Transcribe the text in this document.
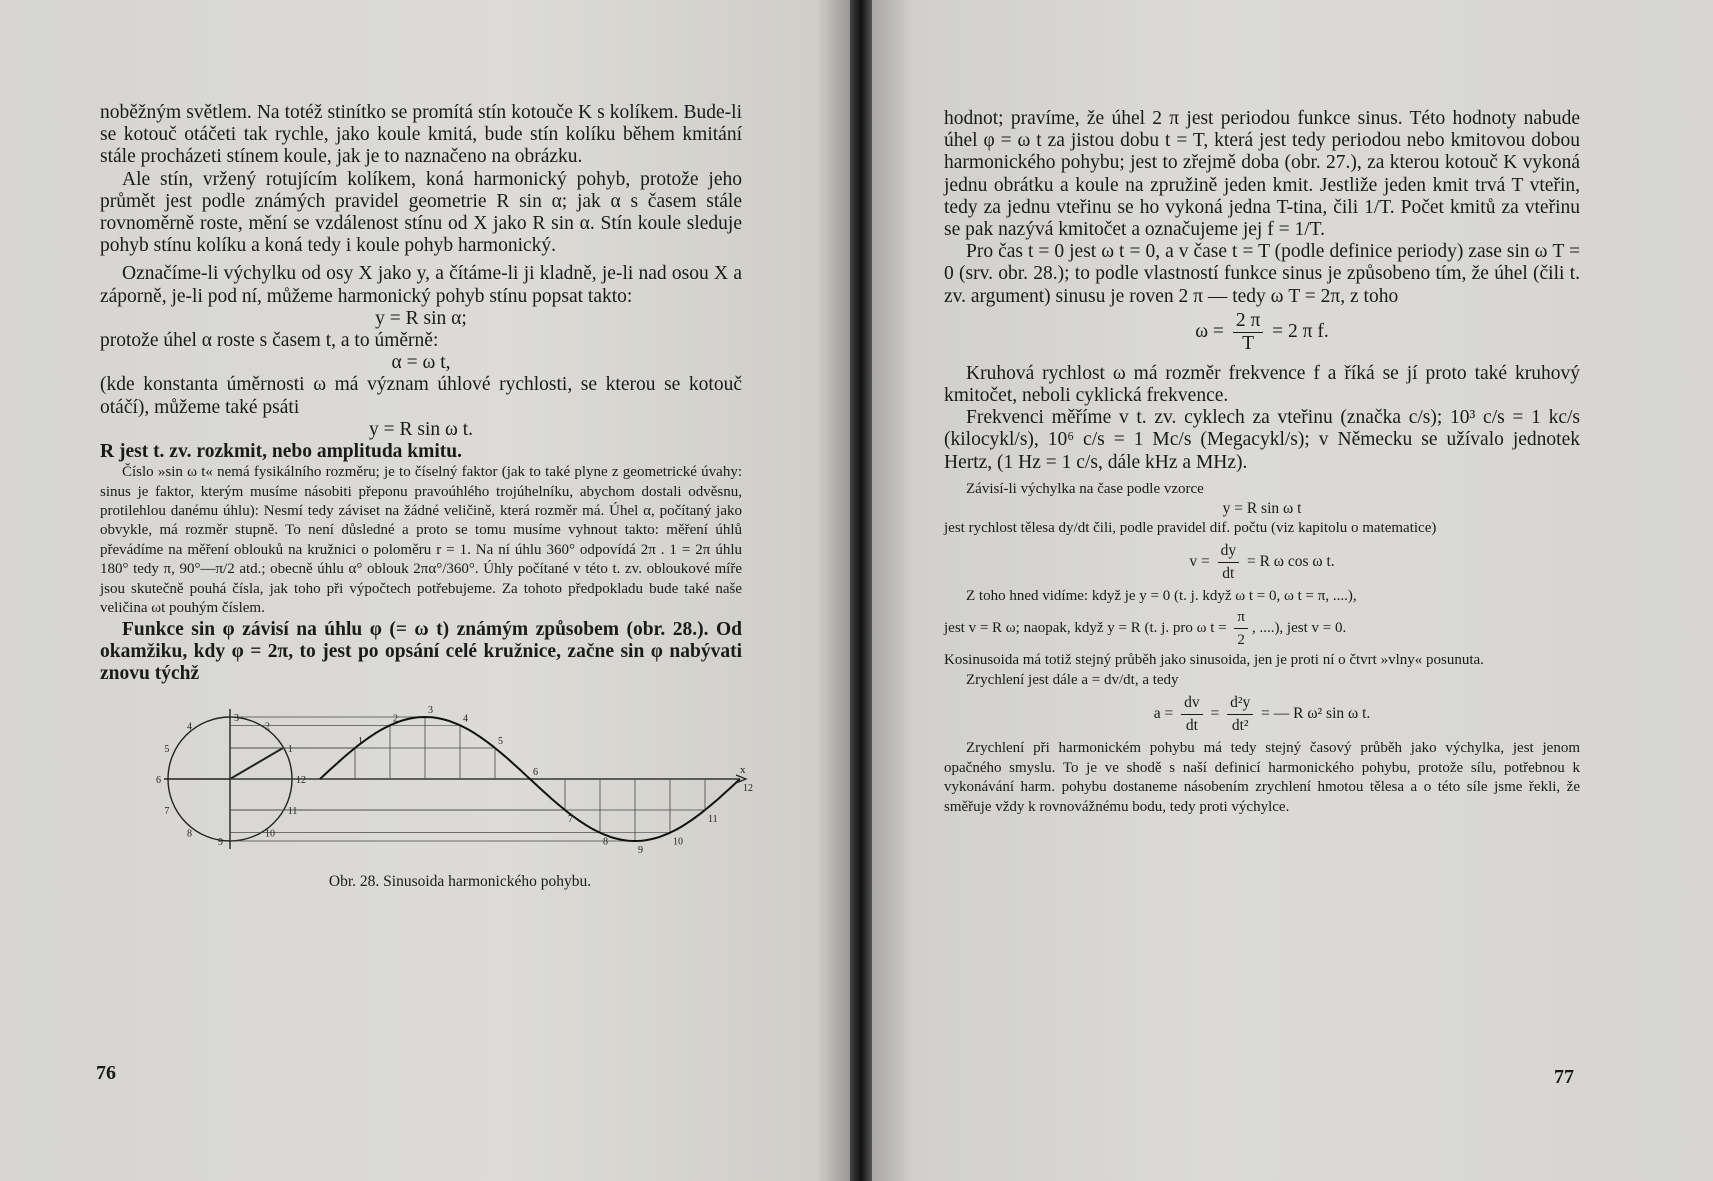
noběžným světlem. Na totéž stinítko se promítá stín kotouče K s kolíkem. Bude-li se kotouč otáčeti tak rychle, jako koule kmitá, bude stín kolíku během kmitání stále procházeti stínem koule, jak je to naznačeno na obrázku.

Ale stín, vržený rotujícím kolíkem, koná harmonický pohyb, protože jeho průmět jest podle známých pravidel geometrie R sin α; jak α s časem stále rovnoměrně roste, mění se vzdálenost stínu od X jako R sin α. Stín koule sleduje pohyb stínu kolíku a koná tedy i koule pohyb harmonický.

Označíme-li výchylku od osy X jako y, a čítáme-li ji kladně, je-li nad osou X a záporně, je-li pod ní, můžeme harmonický pohyb stínu popsat takto:

y = R sin α;

protože úhel α roste s časem t, a to úměrně:

α = ω t,

(kde konstanta úměrnosti ω má význam úhlové rychlosti, se kterou se kotouč otáčí), můžeme také psáti

y = R sin ω t.

R jest t. zv. rozkmit, nebo amplituda kmitu.

Číslo »sin ω t« nemá fysikálního rozměru; je to číselný faktor (jak to také plyne z geometrické úvahy: sinus je faktor, kterým musíme násobiti přeponu pravoúhlého trojúhelníku, abychom dostali odvěsnu, protilehlou danému úhlu): Nesmí tedy záviset na žádné veličině, která rozměr má. Úhel α, počítaný jako obvykle, má rozměr stupně. To není důsledné a proto se tomu musíme vyhnout takto: měření úhlů převádíme na měření oblouků na kružnici o poloměru r = 1. Na ní úhlu 360° odpovídá 2π . 1 = 2π úhlu 180° tedy π, 90°—π/2 atd.; obecně úhlu α° oblouk 2πα°/360°. Úhly počítané v této t. zv. obloukové míře jsou skutečně pouhá čísla, jak toho při výpočtech potřebujeme. Za tohoto předpokladu bude také naše veličina ωt pouhým číslem.

Funkce sin φ závisí na úhlu φ (= ω t) známým způsobem (obr. 28.). Od okamžiku, kdy φ = 2π, to jest po opsání celé kružnice, začne sin φ nabývati znovu týchž

1
1
2
2
3
3
4
4
5
5
6
6
7
7
8
8
9
9
10
10
11
11
12
12
x
Obr. 28. Sinusoida harmonického pohybu.
76

hodnot; pravíme, že úhel 2 π jest periodou funkce sinus. Této hodnoty nabude úhel φ = ω t za jistou dobu t = T, která jest tedy periodou nebo kmitovou dobou harmonického pohybu; jest to zřejmě doba (obr. 27.), za kterou kotouč K vykoná jednu obrátku a koule na zpružině jeden kmit. Jestliže jeden kmit trvá T vteřin, tedy za jednu vteřinu se ho vykoná jedna T-tina, čili 1/T. Počet kmitů za vteřinu se pak nazývá kmitočet a označujeme jej f = 1/T.

Pro čas t = 0 jest ω t = 0, a v čase t = T (podle definice periody) zase sin ω T = 0 (srv. obr. 28.); to podle vlastností funkce sinus je způsobeno tím, že úhel (čili t. zv. argument) sinusu je roven 2 π — tedy ω T = 2π, z toho

$\omega = \frac{2 \pi}{T} = 2$ π f.

Kruhová rychlost ω má rozměr frekvence f a říká se jí proto také kruhový kmitočet, neboli cyklická frekvence.

Frekvenci měříme v t. zv. cyklech za vteřinu (značka c/s); 10³ c/s = 1 kc/s (kilocykl/s), 10⁶ c/s = 1 Mc/s (Megacykl/s); v Německu se užívalo jednotek Hertz, (1 Hz = 1 c/s, dále kHz a MHz).

Závisí-li výchylka na čase podle vzorce

y = R sin ω t

jest rychlost tělesa dy/dt čili, podle pravidel dif. počtu (viz kapitolu o matematice)

$v = \frac{dy}{dt} = R$ ω cos ω t.

Z toho hned vidíme: když je y = 0 (t. j. když ω t = 0, ω t = π, ....),

jest v = R ω; naopak, když y = R (t. j. pro ω $t = \frac{\pi}{2}$ , ....), jest v = 0.

Kosinusoida má totiž stejný průběh jako sinusoida, jen je proti ní o čtvrt »vlny« posunuta.

Zrychlení jest dále a = dv/dt, a tedy

$a = \frac{dv}{dt} = \frac{\text{d²y}}{\text{dt²}}$ = — R ω² sin ω t.

Zrychlení při harmonickém pohybu má tedy stejný časový průběh jako výchylka, jest jenom opačného smyslu. To je ve shodě s naší definicí harmonického pohybu, protože sílu, potřebnou k vykonávání harm. pohybu dostaneme násobením zrychlení hmotou tělesa a o této síle jsme řekli, že směřuje vždy k rovnovážnému bodu, tedy proti výchylce.

77
